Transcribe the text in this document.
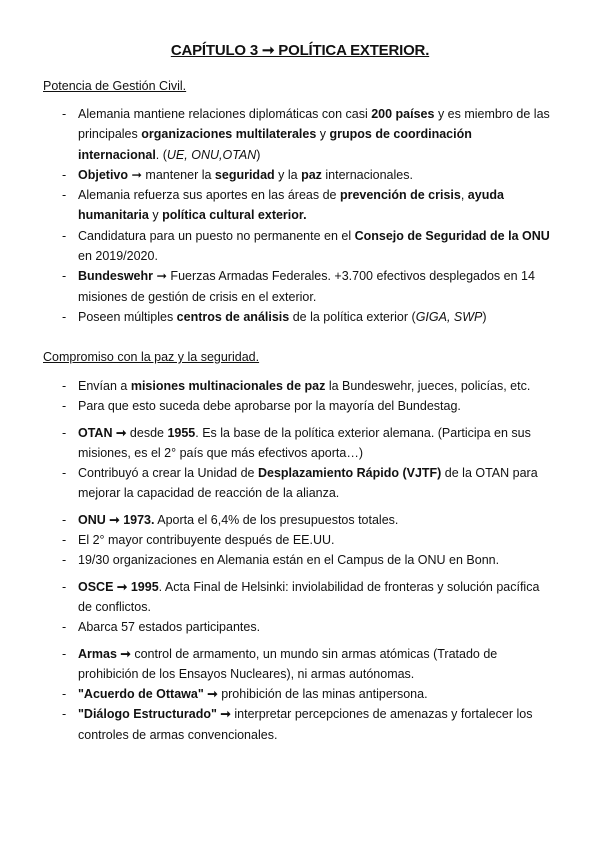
CAPÍTULO 3 ➞ POLÍTICA EXTERIOR.
Potencia de Gestión Civil.
- Alemania mantiene relaciones diplomáticas con casi 200 países y es miembro de las principales organizaciones multilaterales y grupos de coordinación internacional. (UE, ONU,OTAN)
- Objetivo ➞ mantener la seguridad y la paz internacionales.
- Alemania refuerza sus aportes en las áreas de prevención de crisis, ayuda humanitaria y política cultural exterior.
- Candidatura para un puesto no permanente en el Consejo de Seguridad de la ONU en 2019/2020.
- Bundeswehr ➞ Fuerzas Armadas Federales. +3.700 efectivos desplegados en 14 misiones de gestión de crisis en el exterior.
- Poseen múltiples centros de análisis de la política exterior (GIGA, SWP)
Compromiso con la paz y la seguridad.
- Envían a misiones multinacionales de paz la Bundeswehr, jueces, policías, etc.
- Para que esto suceda debe aprobarse por la mayoría del Bundestag.
- OTAN ➞ desde 1955. Es la base de la política exterior alemana. (Participa en sus misiones, es el 2° país que más efectivos aporta…)
- Contribuyó a crear la Unidad de Desplazamiento Rápido (VJTF) de la OTAN para mejorar la capacidad de reacción de la alianza.
- ONU ➞ 1973. Aporta el 6,4% de los presupuestos totales.
- El 2° mayor contribuyente después de EE.UU.
- 19/30 organizaciones en Alemania están en el Campus de la ONU en Bonn.
- OSCE ➞ 1995. Acta Final de Helsinki: inviolabilidad de fronteras y solución pacífica de conflictos.
- Abarca 57 estados participantes.
- Armas ➞ control de armamento, un mundo sin armas atómicas (Tratado de prohibición de los Ensayos Nucleares), ni armas autónomas.
- "Acuerdo de Ottawa" ➞ prohibición de las minas antipersona.
- "Diálogo Estructurado" ➞ interpretar percepciones de amenazas y fortalecer los controles de armas convencionales.
